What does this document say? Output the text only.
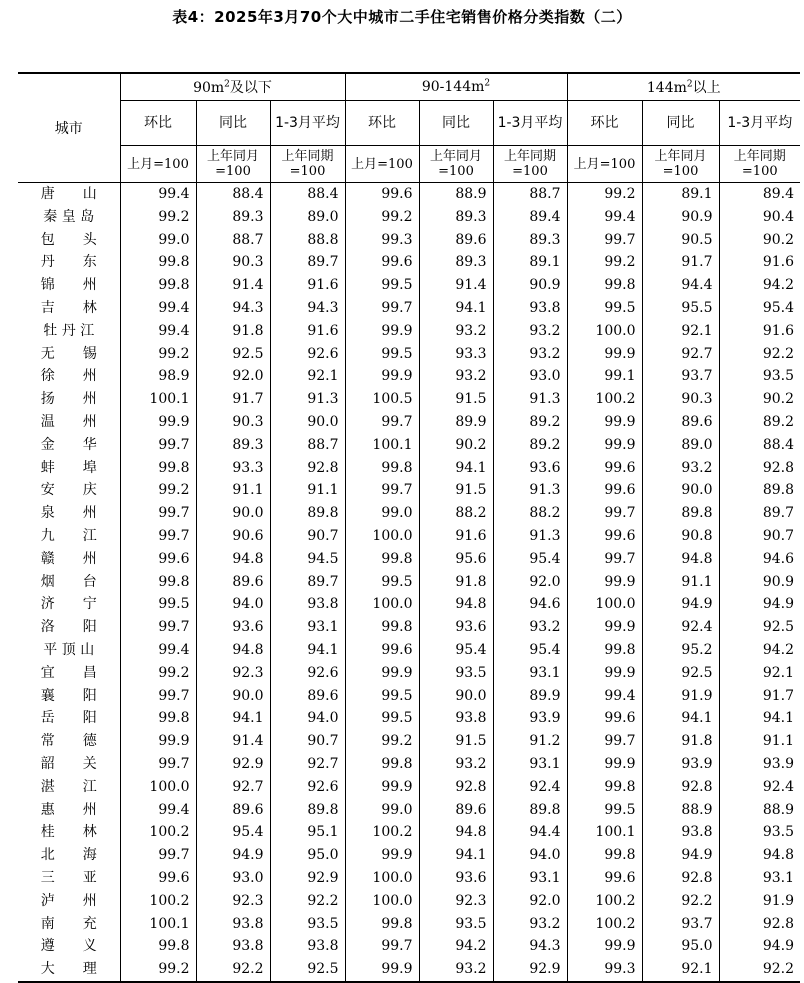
表4：2025年3月70个大中城市二手住宅销售价格分类指数（二）
城市	$90m^2$及以下			$90-144m^2$			$144m^2$以上		
	环比	同比	1-3月平均	环比	同比	1-3月平均	环比	同比	1-3月平均
	上月=100	上年同月=100	上年同期=100	上月=100	上年同月=100	上年同期=100	上月=100	上年同月=100	上年同期=100
唐　　山	99.4	88.4	88.4	99.6	88.9	88.7	99.2	89.1	89.4
秦 皇 岛	99.2	89.3	89.0	99.2	89.3	89.4	99.4	90.9	90.4
包　　头	99.0	88.7	88.8	99.3	89.6	89.3	99.7	90.5	90.2
丹　　东	99.8	90.3	89.7	99.6	89.3	89.1	99.2	91.7	91.6
锦　　州	99.8	91.4	91.6	99.5	91.4	90.9	99.8	94.4	94.2
吉　　林	99.4	94.3	94.3	99.7	94.1	93.8	99.5	95.5	95.4
牡 丹 江	99.4	91.8	91.6	99.9	93.2	93.2	100.0	92.1	91.6
无　　锡	99.2	92.5	92.6	99.5	93.3	93.2	99.9	92.7	92.2
徐　　州	98.9	92.0	92.1	99.9	93.2	93.0	99.1	93.7	93.5
扬　　州	100.1	91.7	91.3	100.5	91.5	91.3	100.2	90.3	90.2
温　　州	99.9	90.3	90.0	99.7	89.9	89.2	99.9	89.6	89.2
金　　华	99.7	89.3	88.7	100.1	90.2	89.2	99.9	89.0	88.4
蚌　　埠	99.8	93.3	92.8	99.8	94.1	93.6	99.6	93.2	92.8
安　　庆	99.2	91.1	91.1	99.7	91.5	91.3	99.6	90.0	89.8
泉　　州	99.7	90.0	89.8	99.0	88.2	88.2	99.7	89.8	89.7
九　　江	99.7	90.6	90.7	100.0	91.6	91.3	99.6	90.8	90.7
赣　　州	99.6	94.8	94.5	99.8	95.6	95.4	99.7	94.8	94.6
烟　　台	99.8	89.6	89.7	99.5	91.8	92.0	99.9	91.1	90.9
济　　宁	99.5	94.0	93.8	100.0	94.8	94.6	100.0	94.9	94.9
洛　　阳	99.7	93.6	93.1	99.8	93.6	93.2	99.9	92.4	92.5
平 顶 山	99.4	94.8	94.1	99.6	95.4	95.4	99.8	95.2	94.2
宜　　昌	99.2	92.3	92.6	99.9	93.5	93.1	99.9	92.5	92.1
襄　　阳	99.7	90.0	89.6	99.5	90.0	89.9	99.4	91.9	91.7
岳　　阳	99.8	94.1	94.0	99.5	93.8	93.9	99.6	94.1	94.1
常　　德	99.9	91.4	90.7	99.2	91.5	91.2	99.7	91.8	91.1
韶　　关	99.7	92.9	92.7	99.8	93.2	93.1	99.9	93.9	93.9
湛　　江	100.0	92.7	92.6	99.9	92.8	92.4	99.8	92.8	92.4
惠　　州	99.4	89.6	89.8	99.0	89.6	89.8	99.5	88.9	88.9
桂　　林	100.2	95.4	95.1	100.2	94.8	94.4	100.1	93.8	93.5
北　　海	99.7	94.9	95.0	99.9	94.1	94.0	99.8	94.9	94.8
三　　亚	99.6	93.0	92.9	100.0	93.6	93.1	99.6	92.8	93.1
泸　　州	100.2	92.3	92.2	100.0	92.3	92.0	100.2	92.2	91.9
南　　充	100.1	93.8	93.5	99.8	93.5	93.2	100.2	93.7	92.8
遵　　义	99.8	93.8	93.8	99.7	94.2	94.3	99.9	95.0	94.9
大　　理	99.2	92.2	92.5	99.9	93.2	92.9	99.3	92.1	92.2
